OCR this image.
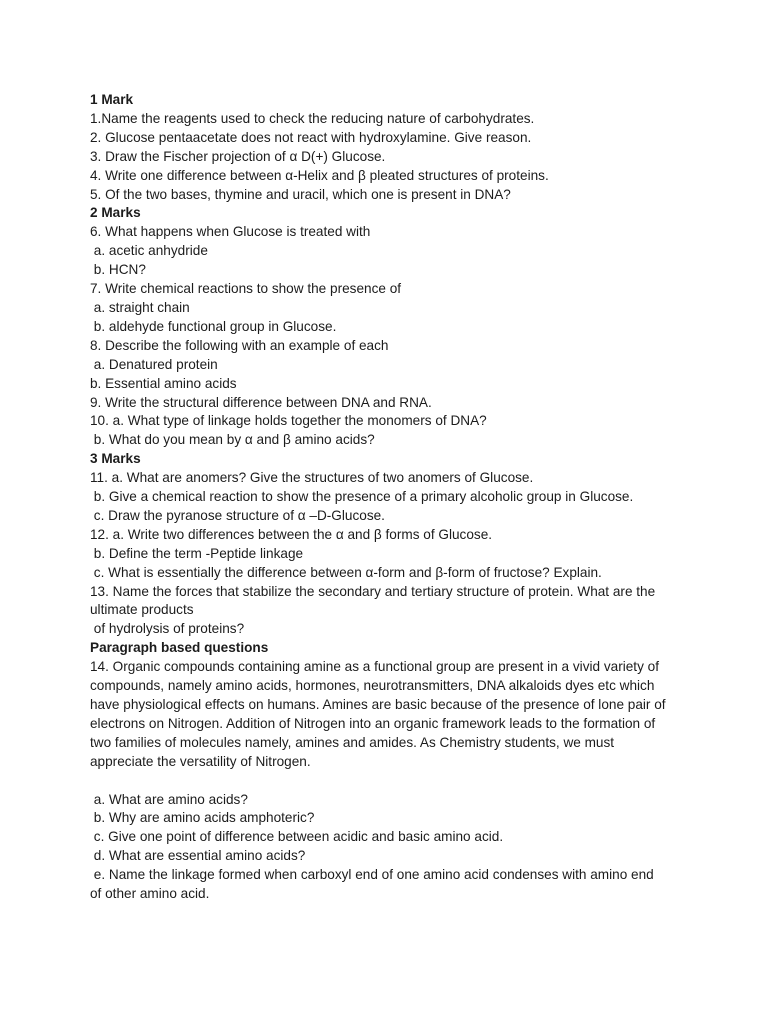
1 Mark
1.Name the reagents used to check the reducing nature of carbohydrates.
2. Glucose pentaacetate does not react with hydroxylamine. Give reason.
3. Draw the Fischer projection of α D(+) Glucose.
4. Write one difference between α-Helix and β pleated structures of proteins.
5. Of the two bases, thymine and uracil, which one is present in DNA?
2 Marks
6. What happens when Glucose is treated with
a. acetic anhydride
b. HCN?
7. Write chemical reactions to show the presence of
a. straight chain
b. aldehyde functional group in Glucose.
8. Describe the following with an example of each
a. Denatured protein
b. Essential amino acids
9. Write the structural difference between DNA and RNA.
10. a. What type of linkage holds together the monomers of DNA?
b. What do you mean by α and β amino acids?
3 Marks
11. a. What are anomers? Give the structures of two anomers of Glucose.
b. Give a chemical reaction to show the presence of a primary alcoholic group in Glucose.
c. Draw the pyranose structure of α –D-Glucose.
12. a. Write two differences between the α and β forms of Glucose.
b. Define the term -Peptide linkage
c. What is essentially the difference between α-form and β-form of fructose? Explain.
13. Name the forces that stabilize the secondary and tertiary structure of protein. What are the
ultimate products
of hydrolysis of proteins?
Paragraph based questions

14. Organic compounds containing amine as a functional group are present in a vivid variety of compounds, namely amino acids, hormones, neurotransmitters, DNA alkaloids dyes etc which have physiological effects on humans. Amines are basic because of the presence of lone pair of electrons on Nitrogen. Addition of Nitrogen into an organic framework leads to the formation of two families of molecules namely, amines and amides. As Chemistry students, we must appreciate the versatility of Nitrogen.

a. What are amino acids?
b. Why are amino acids amphoteric?
c. Give one point of difference between acidic and basic amino acid.
d. What are essential amino acids?
e. Name the linkage formed when carboxyl end of one amino acid condenses with amino end
of other amino acid.
